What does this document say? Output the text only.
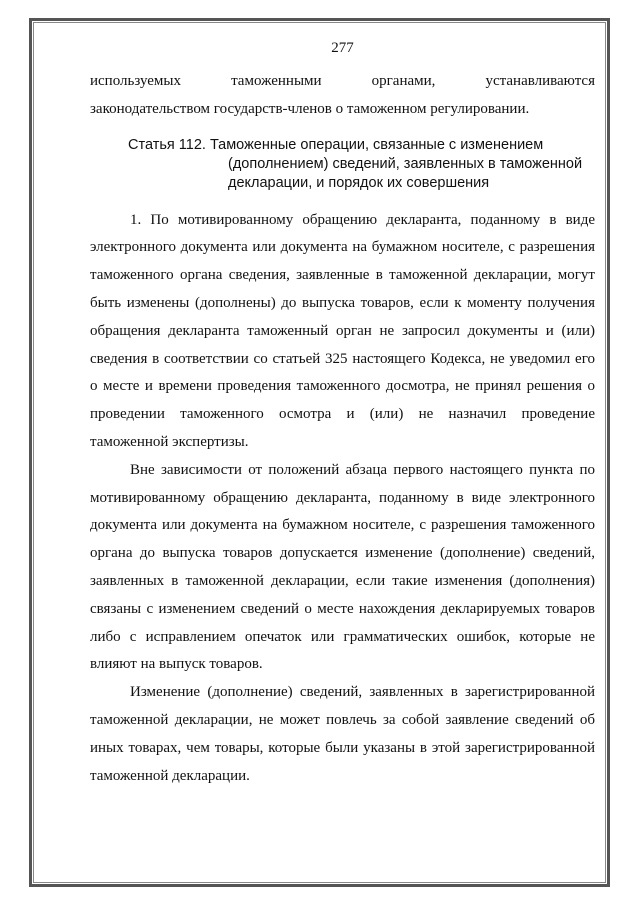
277

используемых таможенными органами, устанавливаются

законодательством государств-членов о таможенном регулировании.

Статья 112. Таможенные операции, связанные с изменением
(дополнением) сведений, заявленных в таможенной
декларации, и порядок их совершения

1. По мотивированному обращению декларанта, поданному в виде электронного документа или документа на бумажном носителе, с разрешения таможенного органа сведения, заявленные в таможенной декларации, могут быть изменены (дополнены) до выпуска товаров, если к моменту получения обращения декларанта таможенный орган не запросил документы и (или) сведения в соответствии со статьей 325 настоящего Кодекса, не уведомил его о месте и времени проведения таможенного досмотра, не принял решения о проведении таможенного осмотра и (или) не назначил проведение таможенной экспертизы.

Вне зависимости от положений абзаца первого настоящего пункта по мотивированному обращению декларанта, поданному в виде электронного документа или документа на бумажном носителе, с разрешения таможенного органа до выпуска товаров допускается изменение (дополнение) сведений, заявленных в таможенной декларации, если такие изменения (дополнения) связаны с изменением сведений о месте нахождения декларируемых товаров либо с исправлением опечаток или грамматических ошибок, которые не влияют на выпуск товаров.

Изменение (дополнение) сведений, заявленных в зарегистрированной таможенной декларации, не может повлечь за собой заявление сведений об иных товарах, чем товары, которые были указаны в этой зарегистрированной таможенной декларации.
